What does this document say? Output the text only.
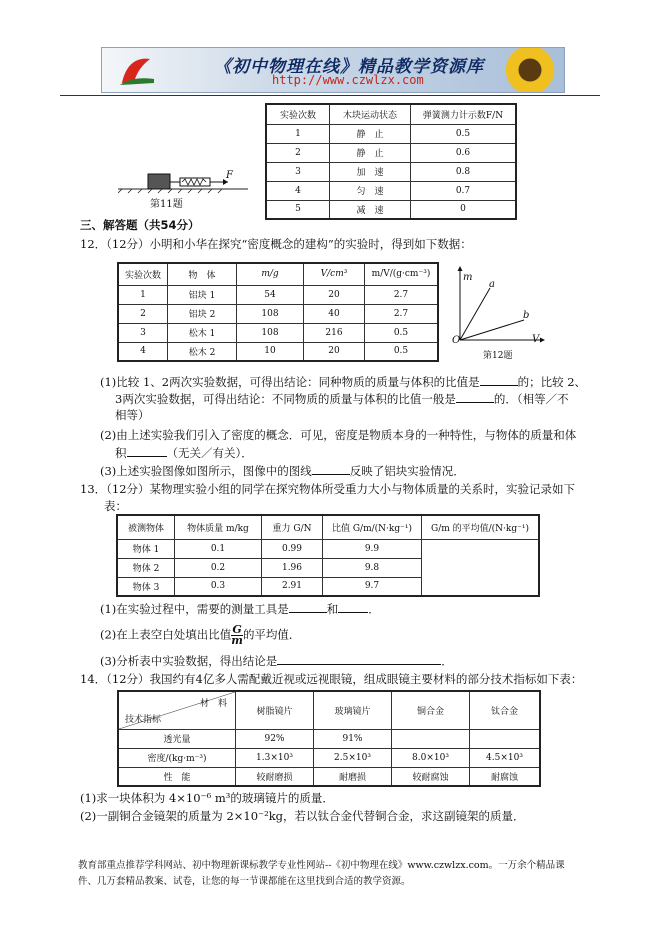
《初中物理在线》精品教学资源库
http://www.czwlzx.com
F
第11题
实验次数	木块运动状态	弹簧测力计示数F/N
1	静　止	0.5
2	静　止	0.6
3	加　速	0.8
4	匀　速	0.7
5	减　速	0
三、解答题（共54分）
12．（12分）小明和小华在探究“密度概念的建构”的实验时，得到如下数据：
实验次数	物　体	m/g	V/cm³	m/V/(g·cm⁻³)
1	铝块 1	54	20	2.7
2	铝块 2	108	40	2.7
3	松木 1	108	216	0.5
4	松木 2	10	20	0.5
m
V
O
a
b
第12题
(1)比较 1、2两次实验数据，可得出结论：同种物质的质量与体积的比值是	的；比较 2、
3两次实验数据，可得出结论：不同物质的质量与体积的比值一般是	的．（相等／不
相等）
(2)由上述实验我们引入了密度的概念．可见，密度是物质本身的一种特性，与物体的质量和体
积	（无关／有关）．
(3)上述实验图像如图所示，图像中的图线	反映了铝块实验情况．
13．（12分）某物理实验小组的同学在探究物体所受重力大小与物体质量的关系时，实验记录如下
表：
被测物体	物体质量 m/kg	重力 G/N	比值 G/m/(N·kg⁻¹)	G/m 的平均值/(N·kg⁻¹)
物体 1	0.1	0.99	9.9	
物体 2	0.2	1.96	9.8	
物体 3	0.3	2.91	9.7	
(1)在实验过程中，需要的测量工具是	和	．
(2)在上表空白处填出比值 $\frac{G}{m}$ 的平均值．
(3)分析表中实验数据，得出结论是	．
14．（12分）我国约有4亿多人需配戴近视或远视眼镜，组成眼镜主要材料的部分技术指标如下表：
材　料
技术指标	树脂镜片	玻璃镜片	铜合金	钛合金
透光量	92%	91%		
密度/(kg·m⁻³)	1.3×10³	2.5×10³	8.0×10³	4.5×10³
性　能	较耐磨损	耐磨损	较耐腐蚀	耐腐蚀
(1)求一块体积为 4×10⁻⁶ m³的玻璃镜片的质量．
(2)一副铜合金镜架的质量为 2×10⁻²kg，若以钛合金代替铜合金，求这副镜架的质量．
教育部重点推荐学科网站、初中物理新课标教学专业性网站--《初中物理在线》www.czwlzx.com。一万余个精品课
件、几万套精品教案、试卷，让您的每一节课都能在这里找到合适的教学资源。
